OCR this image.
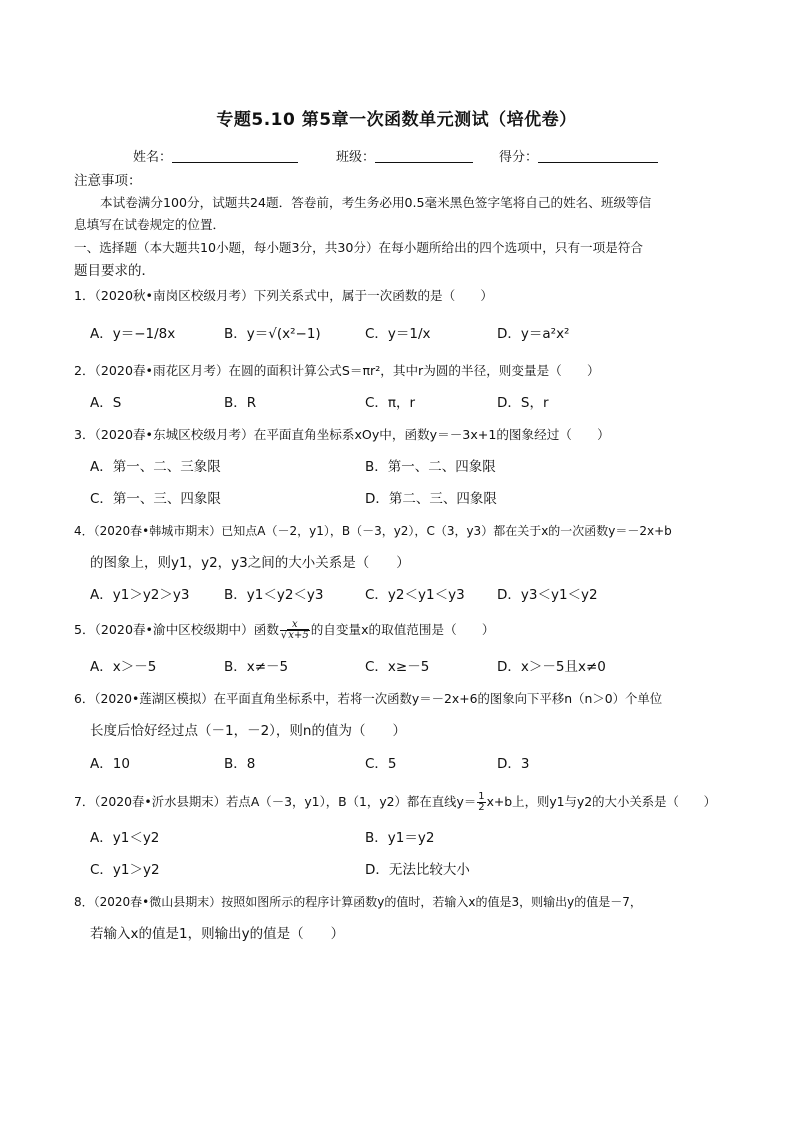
专题5.10 第5章一次函数单元测试（培优卷）
姓名：	班级：	得分：
注意事项：
本试卷满分100分，试题共24题．答卷前，考生务必用0.5毫米黑色签字笔将自己的姓名、班级等信
息填写在试卷规定的位置．
一、选择题（本大题共10小题，每小题3分，共30分）在每小题所给出的四个选项中，只有一项是符合
题目要求的．
1．（2020秋•南岗区校级月考）下列关系式中，属于一次函数的是（　　）
A．y＝−1/8x	B．y＝√(x²−1)	C．y＝1/x	D．y＝a²x²
2．（2020春•雨花区月考）在圆的面积计算公式S＝πr²，其中r为圆的半径，则变量是（　　）
A．S	B．R	C．π，r	D．S，r
3．（2020春•东城区校级月考）在平面直角坐标系xOy中，函数y＝－3x+1的图象经过（　　）
A．第一、二、三象限	B．第一、二、四象限
C．第一、三、四象限	D．第二、三、四象限
4．（2020春•韩城市期末）已知点A（－2，y1），B（－3，y2），C（3，y3）都在关于x的一次函数y＝－2x+b
的图象上，则y1，y2，y3之间的大小关系是（　　）
A．y1＞y2＞y3	B．y1＜y2＜y3	C．y2＜y1＜y3 D．y3＜y1＜y2
5．（2020春•渝中区校级期中）函数 $\frac{x}{√x+5}$ 的自变量x的取值范围是（　　）
A．x＞－5	B．x≠－5	C．x≥－5	D．x＞－5且x≠0
6．（2020•莲湖区模拟）在平面直角坐标系中，若将一次函数y＝－2x+6的图象向下平移n（n＞0）个单位
长度后恰好经过点（－1，－2），则n的值为（　　）
A．10	B．8	C．5	D．3
7．（2020春•沂水县期末）若点A（－3，y1），B（1，y2）都在直线$y= \frac{1}{2} x+b$上，则y1与y2的大小关系是（　　）
A．y1＜y2	B．y1＝y2
C．y1＞y2	D．无法比较大小
8．（2020春•微山县期末）按照如图所示的程序计算函数y的值时，若输入x的值是3，则输出y的值是－7，
若输入x的值是1，则输出y的值是（　　）
